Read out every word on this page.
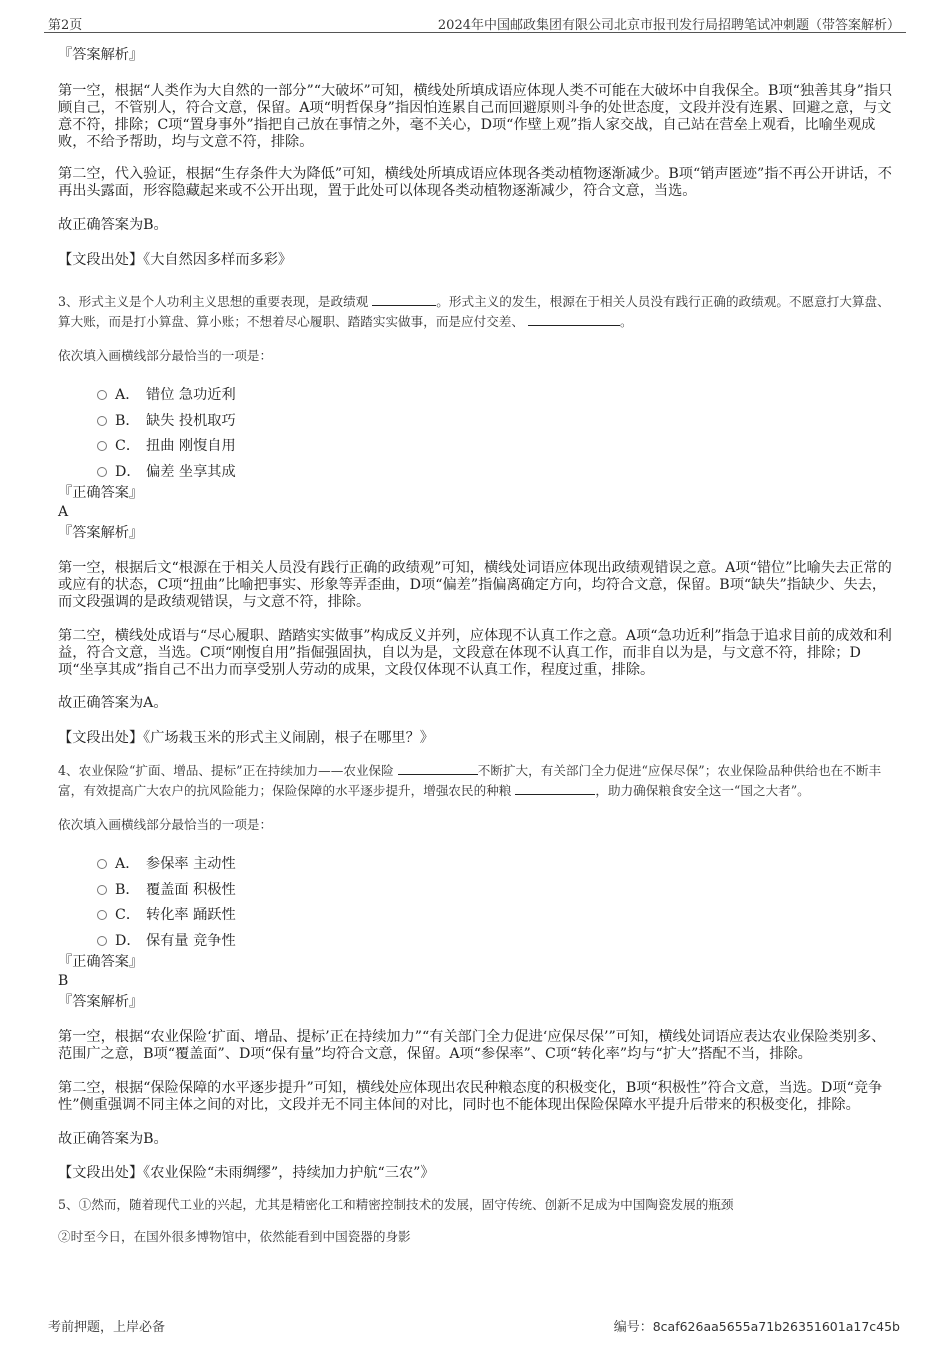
第2页	2024年中国邮政集团有限公司北京市报刊发行局招聘笔试冲刺题（带答案解析）

『答案解析』

第一空，根据“人类作为大自然的一部分”“大破坏”可知，横线处所填成语应体现人类不可能在大破坏中自我保全。B项“独善其身”指只顾自己，不管别人，符合文意，保留。A项“明哲保身”指因怕连累自己而回避原则斗争的处世态度，文段并没有连累、回避之意，与文意不符，排除；C项“置身事外”指把自己放在事情之外，毫不关心，D项“作壁上观”指人家交战，自己站在营垒上观看，比喻坐观成败，不给予帮助，均与文意不符，排除。

第二空，代入验证，根据“生存条件大为降低”可知，横线处所填成语应体现各类动植物逐渐减少。B项“销声匿迹”指不再公开讲话，不再出头露面，形容隐藏起来或不公开出现，置于此处可以体现各类动植物逐渐减少，符合文意，当选。

故正确答案为B。

【文段出处】《大自然因多样而多彩》

3、形式主义是个人功利主义思想的重要表现，是政绩观	。形式主义的发生，根源在于相关人员没有践行正确的政绩观。不愿意打大算盘、算大账，而是打小算盘、算小账；不想着尽心履职、踏踏实实做事，而是应付交差、	。

依次填入画横线部分最恰当的一项是：

A． 错位 急功近利
B． 缺失 投机取巧
C． 扭曲 刚愎自用
D． 偏差 坐享其成

『正确答案』

A

『答案解析』

第一空，根据后文“根源在于相关人员没有践行正确的政绩观”可知，横线处词语应体现出政绩观错误之意。A项“错位”比喻失去正常的或应有的状态，C项“扭曲”比喻把事实、形象等弄歪曲，D项“偏差”指偏离确定方向，均符合文意，保留。B项“缺失”指缺少、失去，而文段强调的是政绩观错误，与文意不符，排除。

第二空，横线处成语与“尽心履职、踏踏实实做事”构成反义并列，应体现不认真工作之意。A项“急功近利”指急于追求目前的成效和利益，符合文意，当选。C项“刚愎自用”指倔强固执，自以为是，文段意在体现不认真工作，而非自以为是，与文意不符，排除；D项“坐享其成”指自己不出力而享受别人劳动的成果，文段仅体现不认真工作，程度过重，排除。

故正确答案为A。

【文段出处】《广场栽玉米的形式主义闹剧，根子在哪里？》

4、农业保险“扩面、增品、提标”正在持续加力——农业保险	不断扩大，有关部门全力促进“应保尽保”；农业保险品种供给也在不断丰富，有效提高广大农户的抗风险能力；保险保障的水平逐步提升，增强农民的种粮	，助力确保粮食安全这一“国之大者”。

依次填入画横线部分最恰当的一项是：

A． 参保率 主动性
B． 覆盖面 积极性
C． 转化率 踊跃性
D． 保有量 竞争性

『正确答案』

B

『答案解析』

第一空，根据“农业保险‘扩面、增品、提标’正在持续加力”“有关部门全力促进‘应保尽保’”可知，横线处词语应表达农业保险类别多、范围广之意，B项“覆盖面”、D项“保有量”均符合文意，保留。A项“参保率”、C项“转化率”均与“扩大”搭配不当，排除。

第二空，根据“保险保障的水平逐步提升”可知，横线处应体现出农民种粮态度的积极变化，B项“积极性”符合文意，当选。D项“竞争性”侧重强调不同主体之间的对比，文段并无不同主体间的对比，同时也不能体现出保险保障水平提升后带来的积极变化，排除。

故正确答案为B。

【文段出处】《农业保险“未雨绸缪”，持续加力护航“三农”》

5、①然而，随着现代工业的兴起，尤其是精密化工和精密控制技术的发展，固守传统、创新不足成为中国陶瓷发展的瓶颈

②时至今日，在国外很多博物馆中，依然能看到中国瓷器的身影

考前押题，上岸必备	编号：8caf626aa5655a71b26351601a17c45b
